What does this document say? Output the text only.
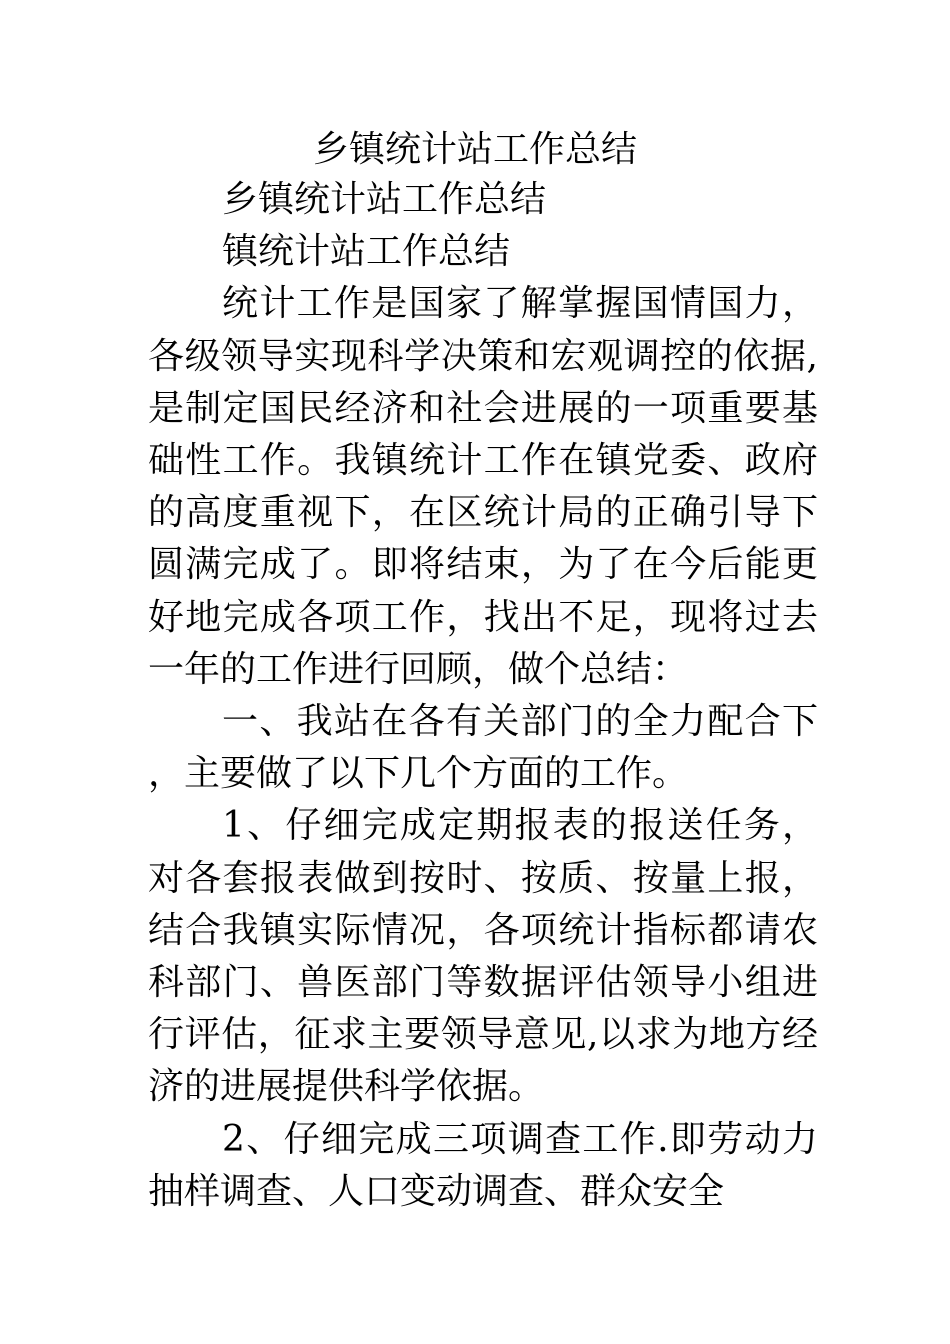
乡镇统计站工作总结

乡镇统计站工作总结

镇统计站工作总结

统计工作是国家了解掌握国情国力，各级领导实现科学决策和宏观调控的依据,是制定国民经济和社会进展的一项重要基础性工作。我镇统计工作在镇党委、政府的高度重视下，在区统计局的正确引导下圆满完成了。即将结束，为了在今后能更好地完成各项工作，找出不足，现将过去一年的工作进行回顾，做个总结：

一、我站在各有关部门的全力配合下，主要做了以下几个方面的工作。

1、仔细完成定期报表的报送任务，对各套报表做到按时、按质、按量上报，结合我镇实际情况，各项统计指标都请农科部门、兽医部门等数据评估领导小组进行评估，征求主要领导意见,以求为地方经济的进展提供科学依据。

2、仔细完成三项调查工作.即劳动力抽样调查、人口变动调查、群众安全
